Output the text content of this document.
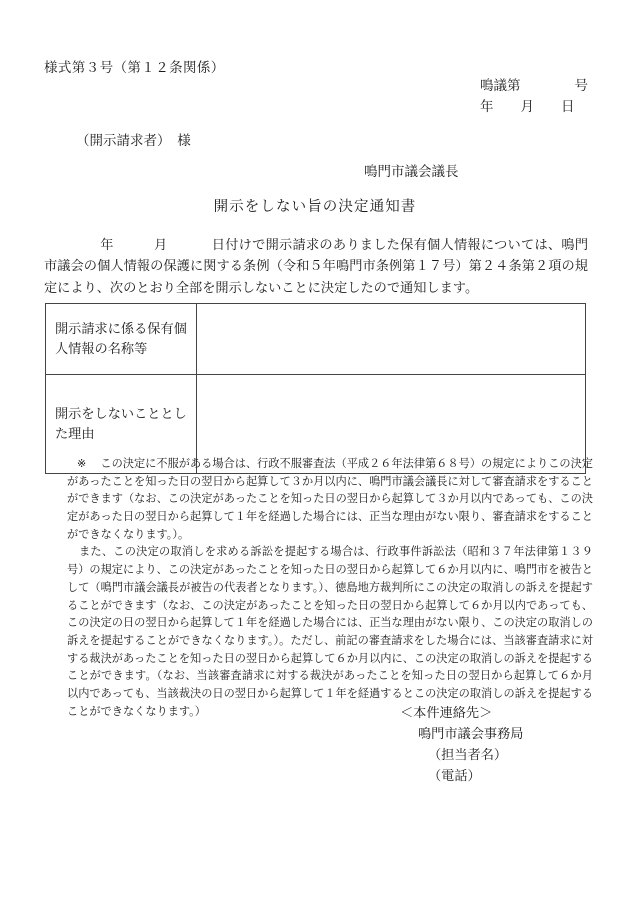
様式第３号（第１２条関係）
鳴議第　　　　号
年　　月　　日
（開示請求者）　様
鳴門市議会議長
開示をしない旨の決定通知書
年	月	日付けで開示請求のありました保有個人情報については、鳴門市議会の個人情報の保護に関する条例（令和５年鳴門市条例第１７号）第２４条第２項の規定により、次のとおり全部を開示しないことに決定したので通知します。
開示請求に係る保有個人情報の名称等	
開示をしないこととした理由	

※ この決定に不服がある場合は、行政不服審査法（平成２６年法律第６８号）の規定によりこの決定があったことを知った日の翌日から起算して３か月以内に、鳴門市議会議長に対して審査請求をすることができます（なお、この決定があったことを知った日の翌日から起算して３か月以内であっても、この決定があった日の翌日から起算して１年を経過した場合には、正当な理由がない限り、審査請求をすることができなくなります。）。

また、この決定の取消しを求める訴訟を提起する場合は、行政事件訴訟法（昭和３７年法律第１３９号）の規定により、この決定があったことを知った日の翌日から起算して６か月以内に、鳴門市を被告として（鳴門市議会議長が被告の代表者となります。）、徳島地方裁判所にこの決定の取消しの訴えを提起することができます（なお、この決定があったことを知った日の翌日から起算して６か月以内であっても、この決定の日の翌日から起算して１年を経過した場合には、正当な理由がない限り、この決定の取消しの訴えを提起することができなくなります。）。ただし、前記の審査請求をした場合には、当該審査請求に対する裁決があったことを知った日の翌日から起算して６か月以内に、この決定の取消しの訴えを提起することができます。（なお、当該審査請求に対する裁決があったことを知った日の翌日から起算して６か月以内であっても、当該裁決の日の翌日から起算して１年を経過するとこの決定の取消しの訴えを提起することができなくなります。）	＜本件連絡先＞
鳴門市議会事務局
（担当者名）
（電話）
